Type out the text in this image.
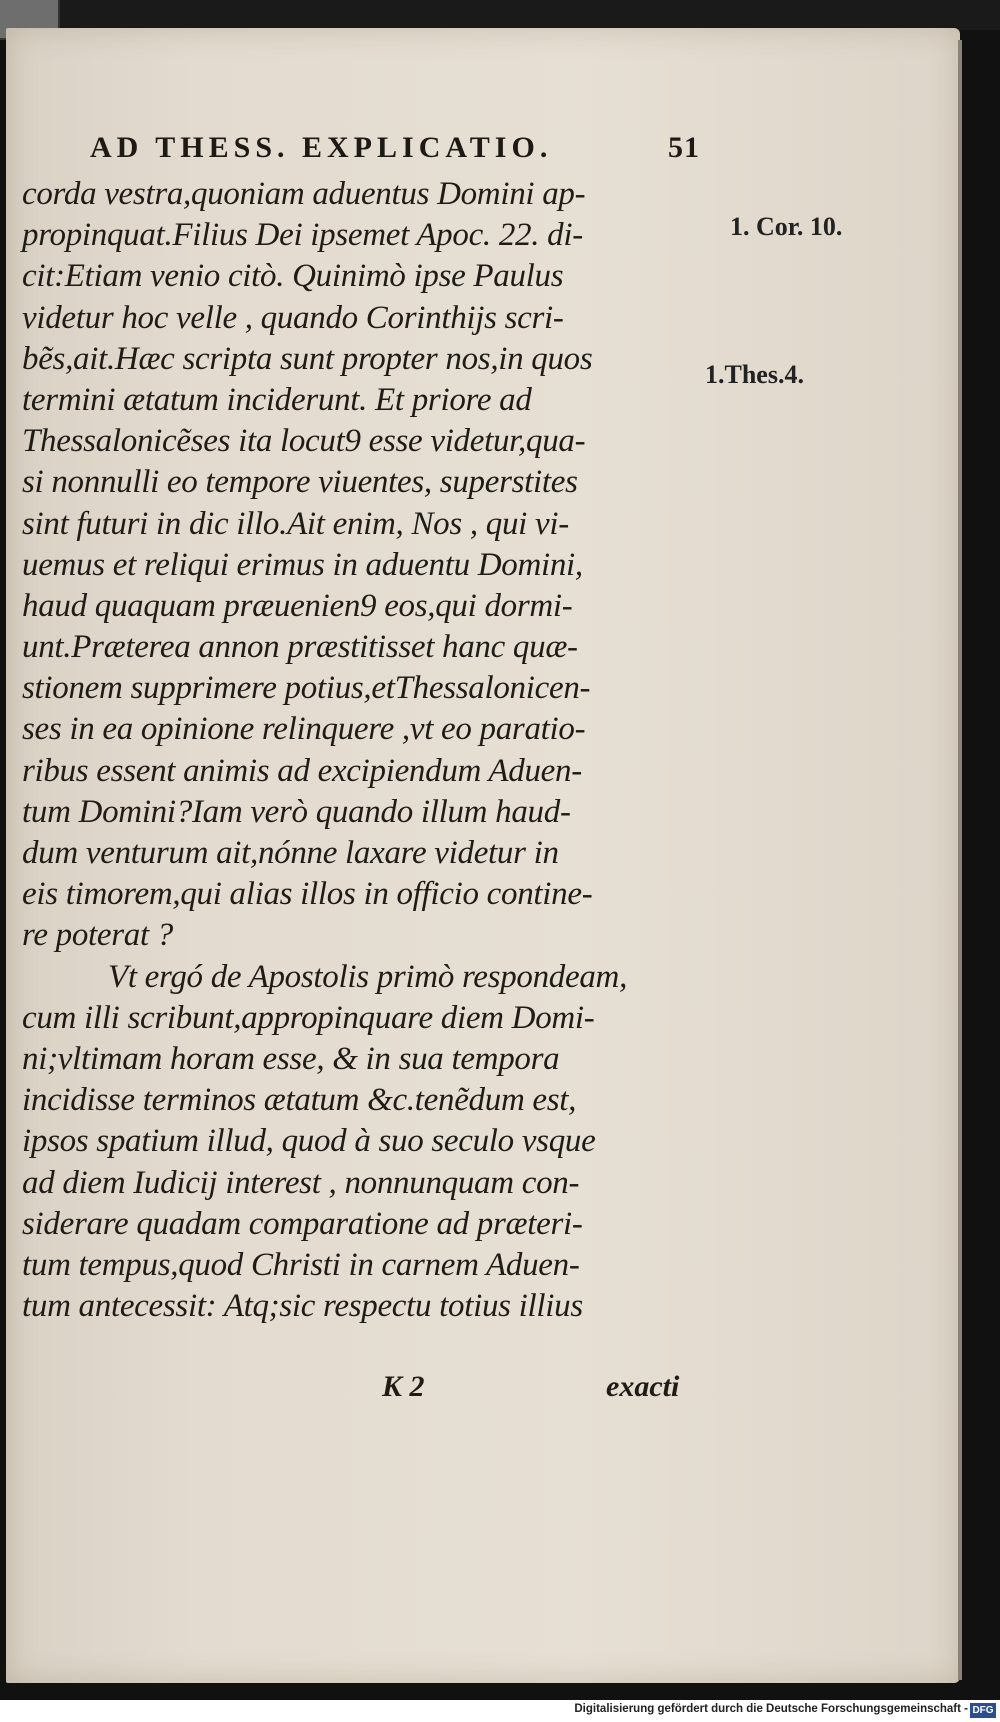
AD THESS. EXPLICATIO.	51
1. Cor. 10.
1.Thes.4.
corda vestra,quoniam aduentus Domini ap-
propinquat.Filius Dei ipsemet Apoc. 22. di-
cit:Etiam venio citò. Quinimò ipse Paulus
videtur hoc velle , quando Corinthijs scri-
bẽs,ait.Hæc scripta sunt propter nos,in quos
termini ætatum inciderunt. Et priore ad
Thessalonicẽses ita locut9 esse videtur,qua-
si nonnulli eo tempore viuentes, superstites
sint futuri in dic illo.Ait enim, Nos , qui vi-
uemus et reliqui erimus in aduentu Domini,
haud quaquam præuenien9 eos,qui dormi-
unt.Præterea annon præstitisset hanc quæ-
stionem supprimere potius,etThessalonicen-
ses in ea opinione relinquere ,vt eo paratio-
ribus essent animis ad excipiendum Aduen-
tum Domini?Iam verò quando illum haud-
dum venturum ait,nónne laxare videtur in
eis timorem,qui alias illos in officio contine-
re poterat ?
Vt ergó de Apostolis primò respondeam,
cum illi scribunt,appropinquare diem Domi-
ni;vltimam horam esse, & in sua tempora
incidisse terminos ætatum &c.tenẽdum est,
ipsos spatium illud, quod à suo seculo vsque
ad diem Iudicij interest , nonnunquam con-
siderare quadam comparatione ad præteri-
tum tempus,quod Christi in carnem Aduen-
tum antecessit: Atq;sic respectu totius illius
K 2	exacti
Digitalisierung gefördert durch die Deutsche Forschungsgemeinschaft - DFG
